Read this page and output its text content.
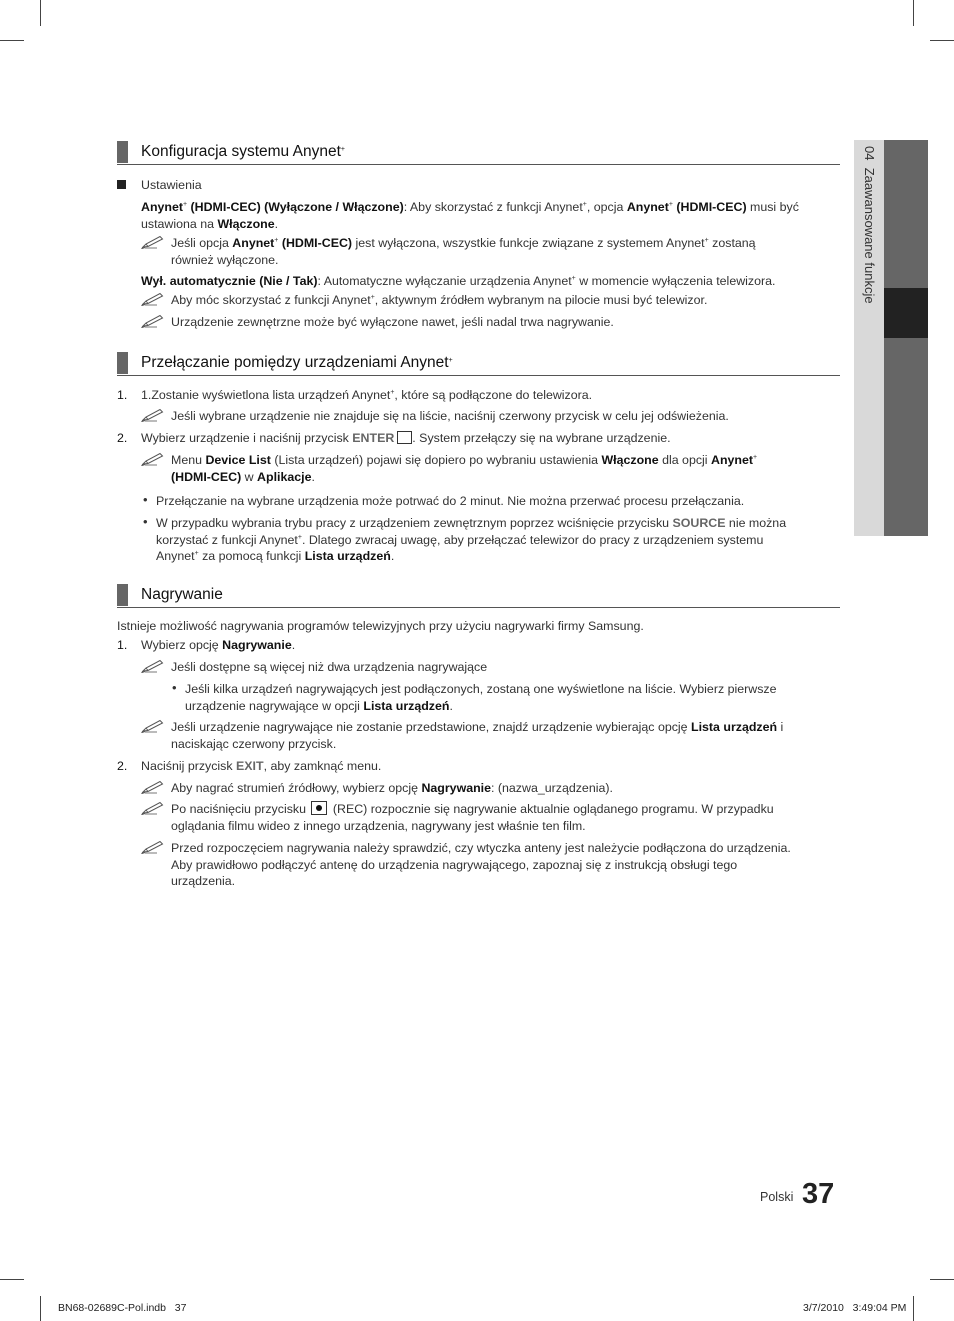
04  Zaawansowane funkcje
Konfiguracja systemu Anynet+
Ustawienia
Anynet+ (HDMI-CEC) (Wyłączone / Włączone): Aby skorzystać z funkcji Anynet+, opcja Anynet+ (HDMI-CEC) musi być
ustawiona na Włączone.
Jeśli opcja Anynet+ (HDMI-CEC) jest wyłączona, wszystkie funkcje związane z systemem Anynet+ zostaną
również wyłączone.
Wył. automatycznie (Nie / Tak): Automatyczne wyłączanie urządzenia Anynet+ w momencie wyłączenia telewizora.
Aby móc skorzystać z funkcji Anynet+, aktywnym źródłem wybranym na pilocie musi być telewizor.
Urządzenie zewnętrzne może być wyłączone nawet, jeśli nadal trwa nagrywanie.
Przełączanie pomiędzy urządzeniami Anynet+
1. 1.Zostanie wyświetlona lista urządzeń Anynet+, które są podłączone do telewizora.
Jeśli wybrane urządzenie nie znajduje się na liście, naciśnij czerwony przycisk w celu jej odświeżenia.
2. Wybierz urządzenie i naciśnij przycisk ENTER . System przełączy się na wybrane urządzenie.
Menu Device List (Lista urządzeń) pojawi się dopiero po wybraniu ustawienia Włączone dla opcji Anynet+
(HDMI-CEC) w Aplikacje.
• Przełączanie na wybrane urządzenia może potrwać do 2 minut. Nie można przerwać procesu przełączania.
• W przypadku wybrania trybu pracy z urządzeniem zewnętrznym poprzez wciśnięcie przycisku SOURCE nie można
korzystać z funkcji Anynet+. Dlatego zwracaj uwagę, aby przełączać telewizor do pracy z urządzeniem systemu
Anynet+ za pomocą funkcji Lista urządzeń.
Nagrywanie
Istnieje możliwość nagrywania programów telewizyjnych przy użyciu nagrywarki firmy Samsung.
1. Wybierz opcję Nagrywanie.
Jeśli dostępne są więcej niż dwa urządzenia nagrywające
• Jeśli kilka urządzeń nagrywających jest podłączonych, zostaną one wyświetlone na liście. Wybierz pierwsze
urządzenie nagrywające w opcji Lista urządzeń.
Jeśli urządzenie nagrywające nie zostanie przedstawione, znajdź urządzenie wybierając opcję Lista urządzeń i
naciskając czerwony przycisk.
2. Naciśnij przycisk EXIT, aby zamknąć menu.
Aby nagrać strumień źródłowy, wybierz opcję Nagrywanie: (nazwa_urządzenia).
Po naciśnięciu przycisku  (REC) rozpocznie się nagrywanie aktualnie oglądanego programu. W przypadku
oglądania filmu wideo z innego urządzenia, nagrywany jest właśnie ten film.
Przed rozpoczęciem nagrywania należy sprawdzić, czy wtyczka anteny jest należycie podłączona do urządzenia.
Aby prawidłowo podłączyć antenę do urządzenia nagrywającego, zapoznaj się z instrukcją obsługi tego
urządzenia.
Polski 37
BN68-02689C-Pol.indb 37	3/7/2010 3:49:04 PM
